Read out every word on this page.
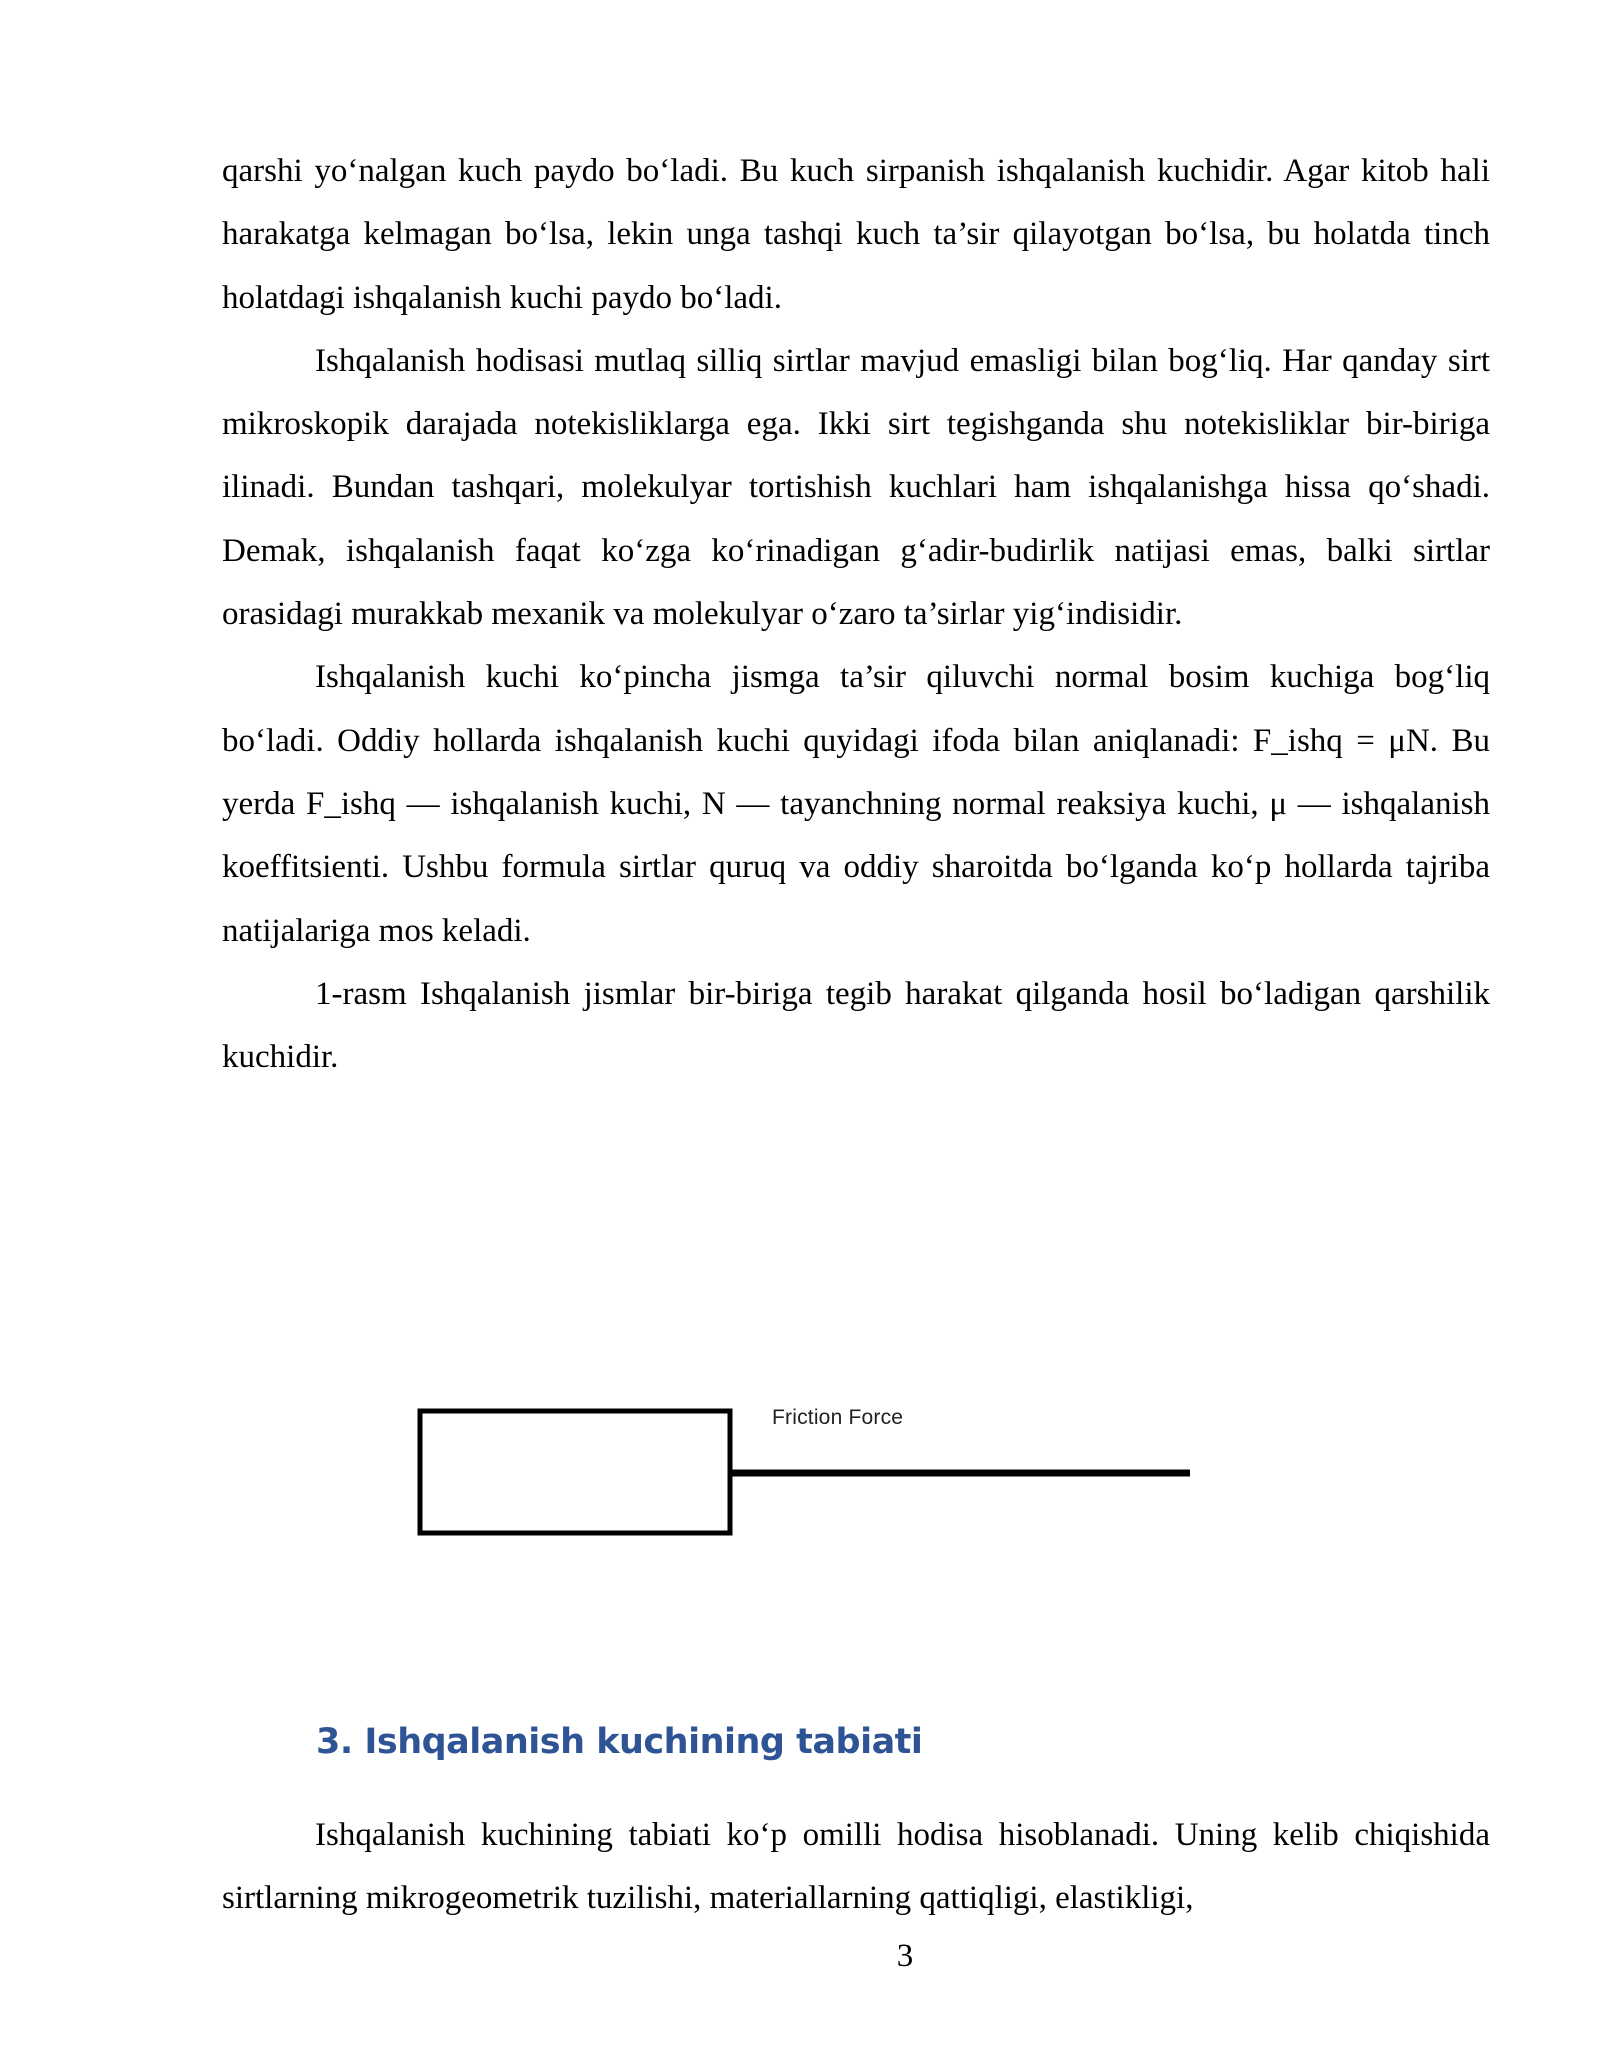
qarshi yo‘nalgan kuch paydo bo‘ladi. Bu kuch sirpanish ishqalanish kuchidir. Agar kitob hali harakatga kelmagan bo‘lsa, lekin unga tashqi kuch ta’sir qilayotgan bo‘lsa, bu holatda tinch holatdagi ishqalanish kuchi paydo bo‘ladi.

Ishqalanish hodisasi mutlaq silliq sirtlar mavjud emasligi bilan bog‘liq. Har qanday sirt mikroskopik darajada notekisliklarga ega. Ikki sirt tegishganda shu notekisliklar bir-biriga ilinadi. Bundan tashqari, molekulyar tortishish kuchlari ham ishqalanishga hissa qo‘shadi. Demak, ishqalanish faqat ko‘zga ko‘rinadigan g‘adir-budirlik natijasi emas, balki sirtlar orasidagi murakkab mexanik va molekulyar o‘zaro ta’sirlar yig‘indisidir.

Ishqalanish kuchi ko‘pincha jismga ta’sir qiluvchi normal bosim kuchiga bog‘liq bo‘ladi. Oddiy hollarda ishqalanish kuchi quyidagi ifoda bilan aniqlanadi: F_ishq = μN. Bu yerda F_ishq — ishqalanish kuchi, N — tayanchning normal reaksiya kuchi, μ — ishqalanish koeffitsienti. Ushbu formula sirtlar quruq va oddiy sharoitda bo‘lganda ko‘p hollarda tajriba natijalariga mos keladi.

1-rasm Ishqalanish jismlar bir-biriga tegib harakat qilganda hosil bo‘ladigan qarshilik kuchidir.

Friction Force
3. Ishqalanish kuchining tabiati

Ishqalanish kuchining tabiati ko‘p omilli hodisa hisoblanadi. Uning kelib chiqishida sirtlarning mikrogeometrik tuzilishi, materiallarning qattiqligi, elastikligi,

3
